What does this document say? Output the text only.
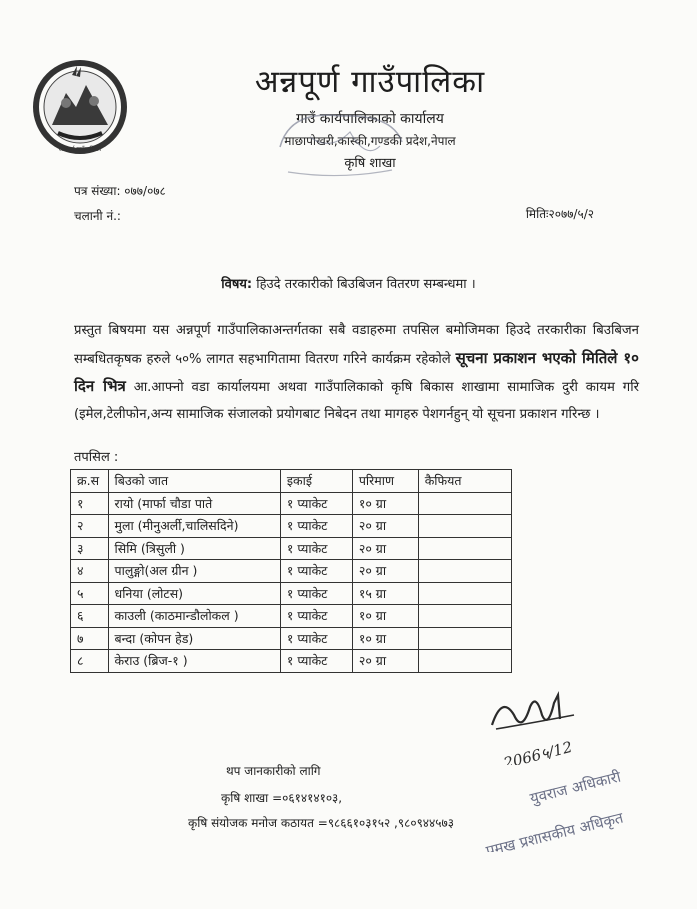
अन्नपूर्ण गाउँपालिका
अन्नपूर्ण गाउँपालिका
गाउँ कार्यपालिकाको कार्यालय
माछापोखरी,कास्की,गण्डकी प्रदेश,नेपाल
कृषि शाखा
पत्र संख्या: ०७७/०७८
चलानी नं.:	मितिः२०७७/५/२
विषय: हिउदे तरकारीको बिउबिजन वितरण सम्बन्धमा ।
प्रस्तुत बिषयमा यस अन्नपूर्ण गाउँपालिकाअन्तर्गतका सबै वडाहरुमा तपसिल बमोजिमका हिउदे तरकारीका बिउबिजन सम्बधितकृषक हरुले ५०% लागत सहभागितामा वितरण गरिने कार्यक्रम रहेकोले सूचना प्रकाशन भएको मितिले १० दिन भित्र आ.आफ्नो वडा कार्यालयमा अथवा गाउँपालिकाको कृषि बिकास शाखामा सामाजिक दुरी कायम गरि (इमेल,टेलीफोन,अन्य सामाजिक संजालको प्रयोगबाट निबेदन तथा मागहरु पेशगर्नहुन् यो सूचना प्रकाशन गरिन्छ ।
तपसिल :
क्र.स	बिउको जात	इकाई	परिमाण	कैफियत
१	रायो (मार्फा चौडा पाते	१ प्याकेट	१० ग्रा	
२	मुला (मीनुअर्ली,चालिसदिने)	१ प्याकेट	२० ग्रा	
३	सिमि (त्रिसुली )	१ प्याकेट	२० ग्रा	
४	पालुङ्गो(अल ग्रीन )	१ प्याकेट	२० ग्रा	
५	धनिया (लोटस)	१ प्याकेट	१५ ग्रा	
६	काउली (काठमान्डौलोकल )	१ प्याकेट	१० ग्रा	
७	बन्दा (कोपन हेड)	१ प्याकेट	१० ग्रा	
८	केराउ (ब्रिज-१ )	१ प्याकेट	२० ग्रा	
थप जानकारीको लागि
कृषि शाखा =०६१४१४१०३,
कृषि संयोजक मनोज कठायत =९८६६१०३१५२ ,९८०९४४५७३
2066५/12
युवराज अधिकारी
प्रमुख प्रशासकीय अधिकृत
